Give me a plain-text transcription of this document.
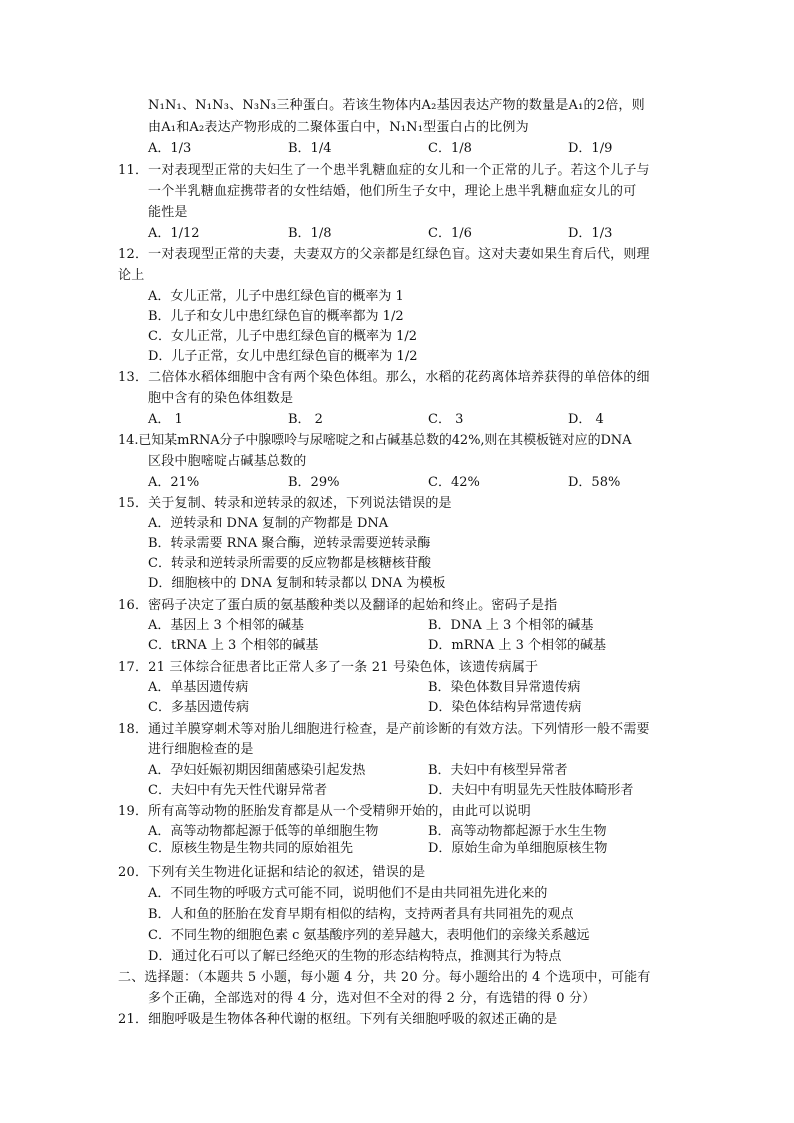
N₁N₁、N₁N₃、N₃N₃三种蛋白。若该生物体内A₂基因表达产物的数量是A₁的2倍，则
由A₁和A₂表达产物形成的二聚体蛋白中，N₁N₁型蛋白占的比例为
A．1/3	B．1/4	C．1/8	D．1/9
11．一对表现型正常的夫妇生了一个患半乳糖血症的女儿和一个正常的儿子。若这个儿子与
一个半乳糖血症携带者的女性结婚，他们所生子女中，理论上患半乳糖血症女儿的可
能性是
A．1/12	B．1/8	C．1/6	D．1/3
12．一对表现型正常的夫妻，夫妻双方的父亲都是红绿色盲。这对夫妻如果生育后代，则理
论上
A．女儿正常，儿子中患红绿色盲的概率为 1
B．儿子和女儿中患红绿色盲的概率都为 1/2
C．女儿正常，儿子中患红绿色盲的概率为 1/2
D．儿子正常，女儿中患红绿色盲的概率为 1/2
13．二倍体水稻体细胞中含有两个染色体组。那么，水稻的花药离体培养获得的单倍体的细
胞中含有的染色体组数是
A． 1	B． 2	C． 3	D． 4
14.已知某mRNA分子中腺嘌呤与尿嘧啶之和占碱基总数的42%,则在其模板链对应的DNA
区段中胞嘧啶占碱基总数的
A．21%	B．29%	C．42%	D．58%
15．关于复制、转录和逆转录的叙述，下列说法错误的是
A．逆转录和 DNA 复制的产物都是 DNA
B．转录需要 RNA 聚合酶，逆转录需要逆转录酶
C．转录和逆转录所需要的反应物都是核糖核苷酸
D．细胞核中的 DNA 复制和转录都以 DNA 为模板
16．密码子决定了蛋白质的氨基酸种类以及翻译的起始和终止。密码子是指
A．基因上 3 个相邻的碱基	B．DNA 上 3 个相邻的碱基
C．tRNA 上 3 个相邻的碱基	D．mRNA 上 3 个相邻的碱基
17．21 三体综合征患者比正常人多了一条 21 号染色体，该遗传病属于
A．单基因遗传病	B．染色体数目异常遗传病
C．多基因遗传病	D．染色体结构异常遗传病
18．通过羊膜穿刺术等对胎儿细胞进行检查，是产前诊断的有效方法。下列情形一般不需要
进行细胞检查的是
A．孕妇妊娠初期因细菌感染引起发热	B．夫妇中有核型异常者
C．夫妇中有先天性代谢异常者	D．夫妇中有明显先天性肢体畸形者
19．所有高等动物的胚胎发育都是从一个受精卵开始的，由此可以说明
A．高等动物都起源于低等的单细胞生物	B．高等动物都起源于水生生物
C．原核生物是生物共同的原始祖先	D．原始生命为单细胞原核生物
20．下列有关生物进化证据和结论的叙述，错误的是
A．不同生物的呼吸方式可能不同，说明他们不是由共同祖先进化来的
B．人和鱼的胚胎在发育早期有相似的结构，支持两者具有共同祖先的观点
C．不同生物的细胞色素 c 氨基酸序列的差异越大，表明他们的亲缘关系越远
D．通过化石可以了解已经绝灭的生物的形态结构特点，推测其行为特点
二、选择题：（本题共 5 小题，每小题 4 分，共 20 分。每小题给出的 4 个选项中，可能有
多个正确，全部选对的得 4 分，选对但不全对的得 2 分，有选错的得 0 分）
21．细胞呼吸是生物体各种代谢的枢纽。下列有关细胞呼吸的叙述正确的是
